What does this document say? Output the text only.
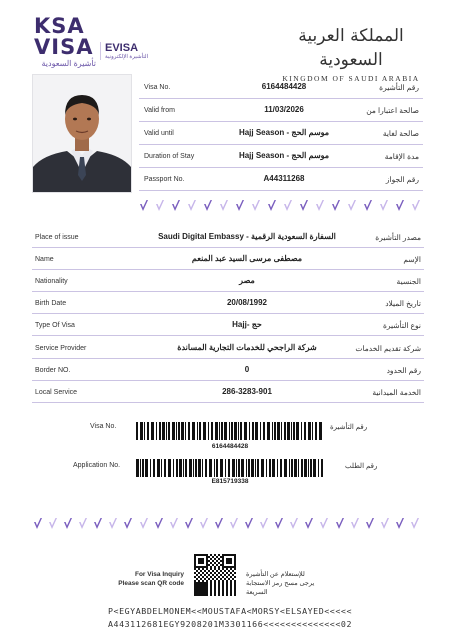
KSA
VISA
تأشيرة السعودية
EVISA
التأشيرة الإلكترونية
المملكة العربية السعودية
KINGDOM OF SAUDI ARABIA
Visa No.	6164484428	رقم التأشيرة
Valid from	11/03/2026	صالحة اعتبارا من
Valid until	Hajj Season - موسم الحج	صالحة لغاية
Duration of Stay	Hajj Season - موسم الحج	مدة الإقامة
Passport No.	A44311268	رقم الجواز
Place of issue	Saudi Digital Embassy - السفارة السعودية الرقمية	مصدر التأشيرة
Name	مصطفى مرسى السيد عبد المنعم	الإسم
Nationality	مصر	الجنسية
Birth Date	20/08/1992	تاريخ الميلاد
Type Of Visa	Hajj- حج	نوع التأشيرة
Service Provider	شركة الراجحي للخدمات التجارية المساندة	شركة تقديم الخدمات
Border NO.	0	رقم الحدود
Local Service	286-3283-901	الخدمة الميدانية
Visa No.	رقم التأشيرة
6164484428
Application No.	رقم الطلب
E815719338
For Visa Inquiry
Please scan QR code
للإستعلام عن التأشيرة
يرجى مسح رمز الاستجابة السريعة
P<EGYABDELMONEM<<MOUSTAFA<MORSY<ELSAYED<<<<<
A443112681EGY9208201M3301166<<<<<<<<<<<<<<02
